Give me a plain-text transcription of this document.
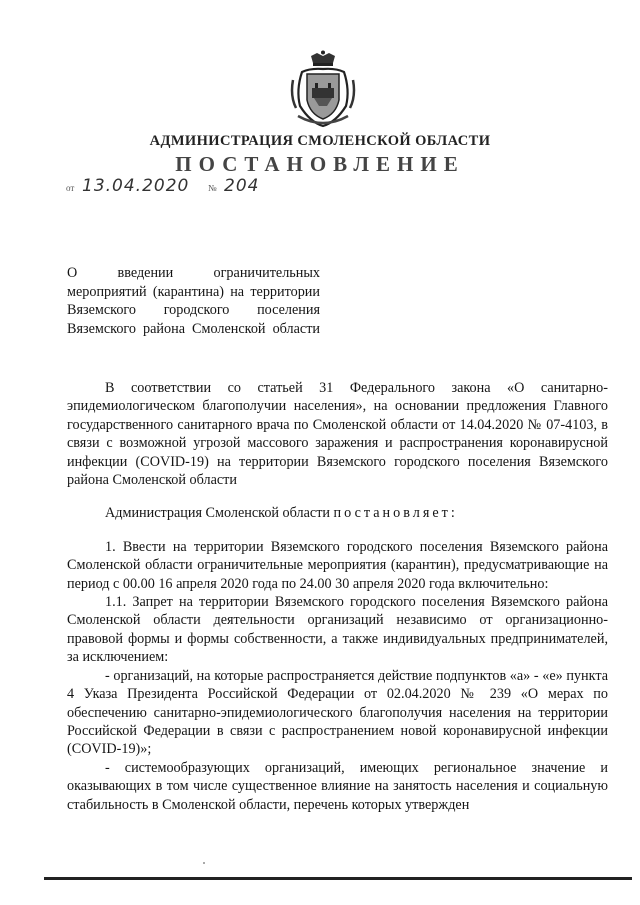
АДМИНИСТРАЦИЯ СМОЛЕНСКОЙ ОБЛАСТИ
ПОСТАНОВЛЕНИЕ
от 13.04.2020 № 204
О введении ограничительных мероприятий (карантина) на территории Вяземского городского поселения Вяземского района Смоленской области

В соответствии со статьей 31 Федерального закона «О санитарно-эпидемиологическом благополучии населения», на основании предложения Главного государственного санитарного врача по Смоленской области от 14.04.2020 № 07-4103, в связи с возможной угрозой массового заражения и распространения коронавирусной инфекции (COVID-19) на территории Вяземского городского поселения Вяземского района Смоленской области

Администрация Смоленской области постановляет:

1. Ввести на территории Вяземского городского поселения Вяземского района Смоленской области ограничительные мероприятия (карантин), предусматривающие на период с 00.00 16 апреля 2020 года по 24.00 30 апреля 2020 года включительно:

1.1. Запрет на территории Вяземского городского поселения Вяземского района Смоленской области деятельности организаций независимо от организационно-правовой формы и формы собственности, а также индивидуальных предпринимателей, за исключением:

- организаций, на которые распространяется действие подпунктов «а» - «е» пункта 4 Указа Президента Российской Федерации от 02.04.2020 № 239 «О мерах по обеспечению санитарно-эпидемиологического благополучия населения на территории Российской Федерации в связи с распространением новой коронавирусной инфекции (COVID-19)»;

- системообразующих организаций, имеющих региональное значение и оказывающих в том числе существенное влияние на занятость населения и социальную стабильность в Смоленской области, перечень которых утвержден
